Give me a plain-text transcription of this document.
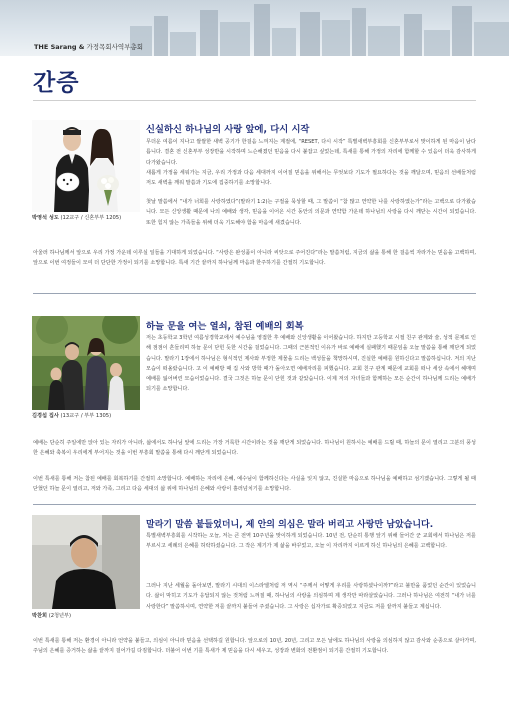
THE Sarang & 가정목회사역부총회
간증
박영석 성도 (12교구 / 신혼부부 1205)
신실하신 하나님의 사랑 앞에, 다시 시작

무더운 여름이 지나고 쌀쌀한 새벽 공기가 한걸음 느껴지는 계절에, “RESET, 다시 시작” 특별새벽부흥회를 신혼부부로서 맞이하게 된 마음이 남다릅니다. 결혼 전 신혼부부 성장반을 시작하며 느슨해졌던 믿음을 다시 붙잡고 싶었는데, 특새를 통해 가정의 자리에 함께할 수 있음이 더욱 감사하게 다가왔습니다.

새롭게 가정을 세워가는 지금, 우리 가정과 다음 세대까지 이어질 믿음을 위해서는 무엇보다 기도가 필요하다는 것을 깨달으며, 믿음의 선배들처럼 저도 새벽을 깨워 말씀과 기도에 집중하기를 소망합니다.

첫날 말씀에서 “내가 너희를 사랑하였다”(말라기 1:2)는 구절을 묵상할 때, 그 말씀이 “참 많고 연약한 나를 사랑하였는가”라는 고백으로 다가왔습니다. 모든 신앙생활 때문에 나의 예배와 생각, 믿음을 이어온 시간 동안의 의문과 연약함 가운데 하나님의 사랑을 다시 깨닫는 시간이 되었습니다. 또한 힘지 않는 가족들을 위해 더욱 기도해야 함을 마음에 새겼습니다.

아울러 하나님께서 앞으로 우리 가정 가운데 이루실 일들을 기대하게 되었습니다. “사랑은 완성품이 아니라 씨앗으로 주어진다”라는 말씀처럼, 지금의 삶을 통해 한 걸음씩 자라가는 믿음을 고백하며, 앞으로 이번 여정들이 모여 더 단단한 가정이 되기를 소망합니다. 특새 기간 끝까지 하나님께 마음과 한주하기를 간절히 기도합니다.

김경섭 집사 (13교구 / 부부 1305)
하늘 문을 여는 열쇠, 참된 예배의 회복

저는 초등학교 3학년 여름성경학교에서 예수님을 영접한 후 예배와 신앙생활을 이어왔습니다. 하지만 고등학교 시절 친구 관계와 술, 성적 문제로 인해 점점이 흔들리며 하늘 문이 닫힌 듯한 시간을 걸었습니다. 그때의 근본적인 이유가 바로 예배에 실패했기 때문임을 오늘 말씀을 통해 깨닫게 되었습니다. 말라기 1장에서 하나님은 형식적인 제사와 부정한 제물을 드리는 백성들을 책망하시며, 진실한 예배를 원하신다고 말씀하십니다. 저의 지난 모습이 떠올랐습니다. 고 이 예배방 때 집 사와 방학 때가 돌아오면 예배자리를 피했습니다. 교회 친구 관계 때문에 교회를 떠나 세상 속에서 헤매며 예배를 잃어버린 모습이었습니다. 결국 그것은 하늘 문이 닫힌 것과 같았습니다. 이제 저의 자녀들과 함께하는 모든 순간이 하나님께 드리는 예배가 되기를 소망합니다.

예배는 단순히 주일에만 앉아 있는 자리가 아니라, 삶에서도 하나님 앞에 드리는 가장 거룩한 시간이라는 것을 깨닫게 되었습니다. 하나님이 원하시는 예배를 드릴 때, 하늘의 문이 열리고 그분의 풍성한 은혜와 축복이 우리에게 부어지는 것을 이번 부흥회 말씀을 통해 다시 깨닫게 되었습니다.

이번 특새를 통해 저는 참된 예배를 회복하기를 간절히 소망합니다. 예배하는 자리에 은혜, 예수님이 함께하신다는 사실을 잊지 않고, 진실한 마음으로 하나님을 예배하고 섬기겠습니다. 그렇게 될 때 닫혔던 하늘 문이 열리고, 저와 가족, 그리고 다음 세대의 삶 위에 하나님의 은혜와 사랑이 흘러넘치기를 소망합니다.

박찬희 (2청년부)
말라기 말씀 붙들었더니, 제 안의 의심은 말라 버리고 사랑만 남았습니다.

특별새벽부흥회를 시작하는 오늘, 저는 큰 전역 10주년을 맞이하게 되었습니다. 10년 전, 단순히 통행 앞기 위해 들어간 군 교회에서 하나님은 저를 부르시고 세례의 은혜를 허락하셨습니다. 그 작은 계기가 제 삶을 바꾸었고, 오늘 이 자리까지 이르게 하신 하나님의 은혜를 고백합니다.

그러나 지난 세월을 돌아보면, 말라기 시대의 이스라엘처럼 저 역시 “주께서 어떻게 우리를 사랑하셨나이까?”라고 불만을 품었던 순간이 있었습니다. 삶이 막히고 기도가 응답되지 않는 것처럼 느껴질 때, 하나님의 사랑을 의심하며 제 생각만 따라살았습니다. 그러나 하나님은 여전히 “내가 너를 사랑한다” 말씀하시며, 연약한 저를 끝까지 붙들어 주셨습니다. 그 사랑은 십자가로 확증되었고 지금도 저를 끝까지 붙들고 계십니다.

이번 특새를 통해 저는 환경이 아니라 언약을 붙들고, 의심이 아니라 믿음을 선택하길 원합니다. 앞으로의 10년, 20년, 그리고 모든 날에도 하나님의 사랑을 의심하지 않고 감사와 순종으로 살아가며, 주님의 은혜를 증거하는 삶을 끝까지 걸어가길 다짐합니다. 더불어 이번 기를 특새가 제 믿음을 다시 세우고, 성장과 변화의 전환점이 되기를 간절히 기도합니다.
